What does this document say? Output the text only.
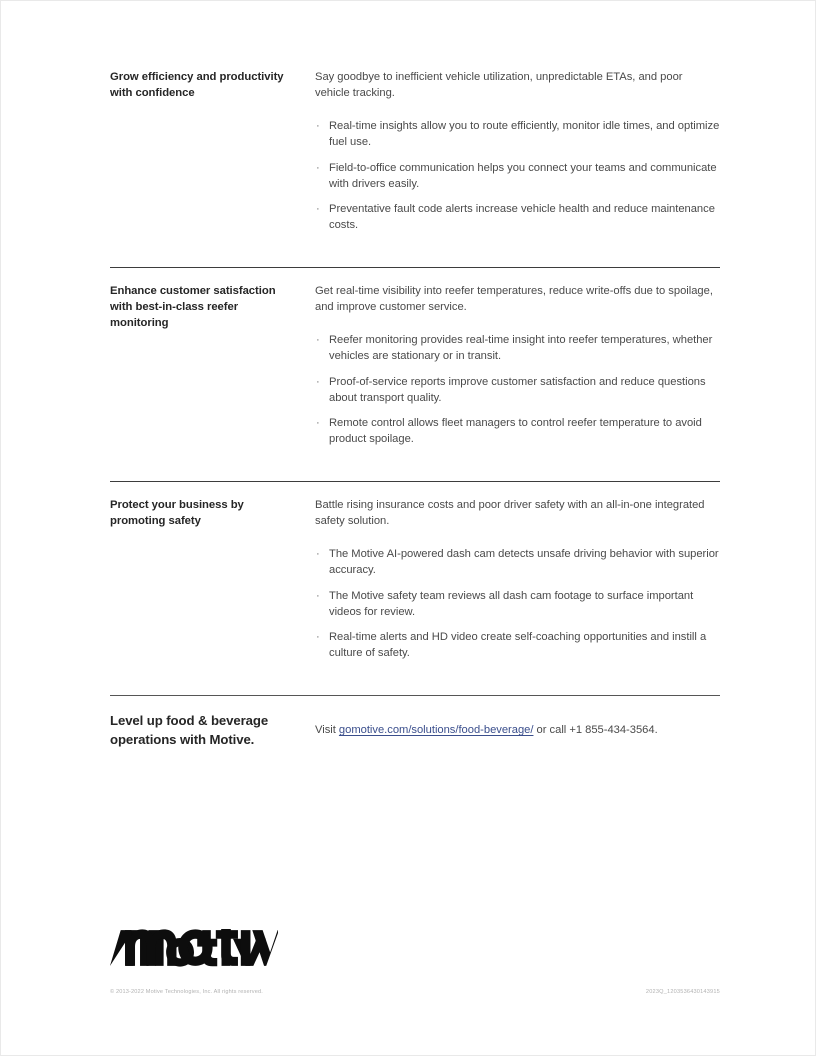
Grow efficiency and productivity with confidence

Say goodbye to inefficient vehicle utilization, unpredictable ETAs, and poor vehicle tracking.

· Real-time insights allow you to route efficiently, monitor idle times, and optimize fuel use.
· Field-to-office communication helps you connect your teams and communicate with drivers easily.
· Preventative fault code alerts increase vehicle health and reduce maintenance costs.

Enhance customer satisfaction with best-in-class reefer monitoring

Get real-time visibility into reefer temperatures, reduce write-offs due to spoilage, and improve customer service.

· Reefer monitoring provides real-time insight into reefer temperatures, whether vehicles are stationary or in transit.
· Proof-of-service reports improve customer satisfaction and reduce questions about transport quality.
· Remote control allows fleet managers to control reefer temperature to avoid product spoilage.

Protect your business by promoting safety

Battle rising insurance costs and poor driver safety with an all-in-one integrated safety solution.

· The Motive AI-powered dash cam detects unsafe driving behavior with superior accuracy.
· The Motive safety team reviews all dash cam footage to surface important videos for review.
· Real-time alerts and HD video create self-coaching opportunities and instill a culture of safety.

Level up food & beverage operations with Motive.

Visit gomotive.com/solutions/food-beverage/ or call +1 855-434-3564.

© 2013-2022 Motive Technologies, Inc. All rights reserved.	2023Q_1203536430143915
